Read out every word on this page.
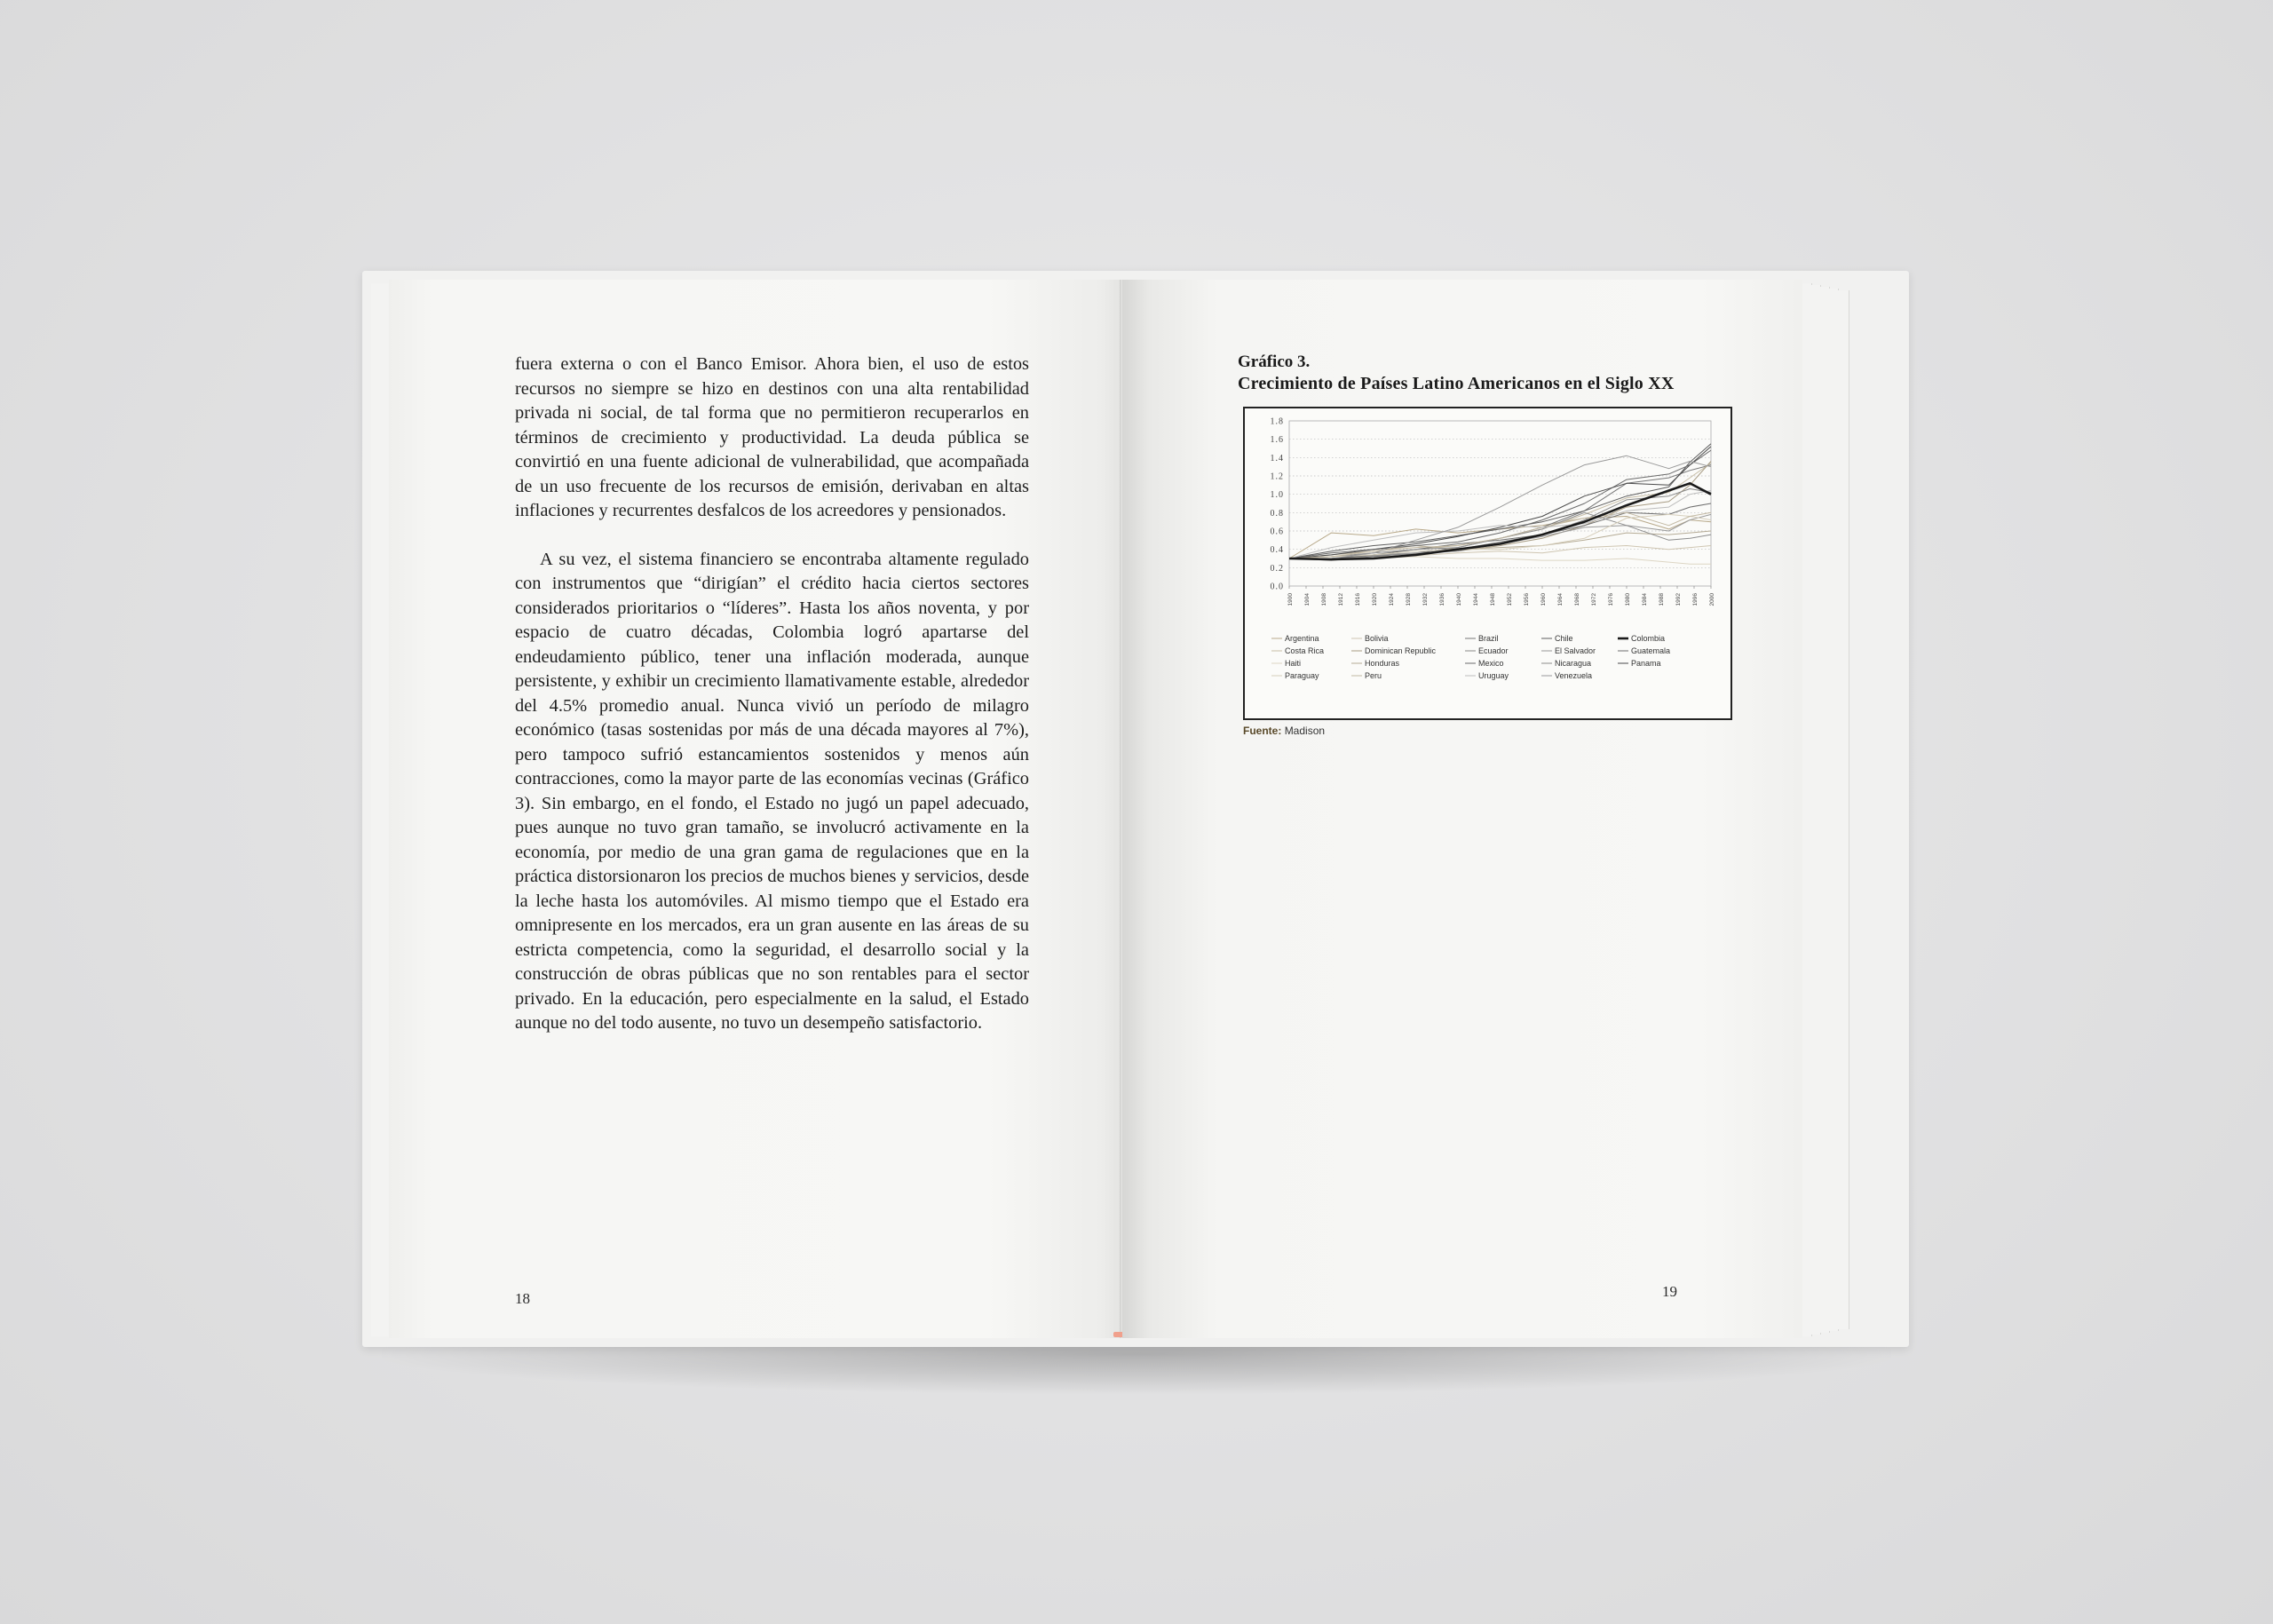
fuera externa o con el Banco Emisor. Ahora bien, el uso de estos recursos no siempre se hizo en destinos con una alta rentabilidad privada ni social, de tal forma que no permitieron recuperarlos en términos de crecimiento y productividad. La deuda pública se convirtió en una fuente adicional de vulnerabilidad, que acompañada de un uso frecuente de los recursos de emisión, derivaban en altas inflaciones y recurrentes desfalcos de los acreedores y pensionados.

A su vez, el sistema financiero se encontraba altamente regulado con instrumentos que “dirigían” el crédito hacia ciertos sectores considerados prioritarios o “líderes”. Hasta los años noventa, y por espacio de cuatro décadas, Colombia logró apartarse del endeudamiento público, tener una inflación moderada, aunque persistente, y exhibir un crecimiento llamativamente estable, alrededor del 4.5% promedio anual. Nunca vivió un período de milagro económico (tasas sostenidas por más de una década mayores al 7%), pero tampoco sufrió estancamientos sostenidos y menos aún contracciones, como la mayor parte de las economías vecinas (Gráfico 3). Sin embargo, en el fondo, el Estado no jugó un papel adecuado, pues aunque no tuvo gran tamaño, se involucró activamente en la economía, por medio de una gran gama de regulaciones que en la práctica distorsionaron los precios de muchos bienes y servicios, desde la leche hasta los automóviles. Al mismo tiempo que el Estado era omnipresente en los mercados, era un gran ausente en las áreas de su estricta competencia, como la seguridad, el desarrollo social y la construcción de obras públicas que no son rentables para el sector privado. En la educación, pero especialmente en la salud, el Estado aunque no del todo ausente, no tuvo un desempeño satisfactorio.

18
Gráfico 3.
Crecimiento de Países Latino Americanos en el Siglo XX
0.0
0.2
0.4
0.6
0.8
1.0
1.2
1.4
1.6
1.8
1900 1904 1908 1912 1916 1920 1924 1928 1932 1936 1940 1944 1948 1952 1956 1960 1964 1968 1972 1976 1980 1984 1988 1992 1996 2000
Argentina	Bolivia	Brazil	Chile	Colombia
Costa Rica	Dominican Republic	Ecuador	El Salvador	Guatemala
Haiti	Honduras	Mexico	Nicaragua	Panama
Paraguay	Peru	Uruguay	Venezuela
Fuente: Madison
19
